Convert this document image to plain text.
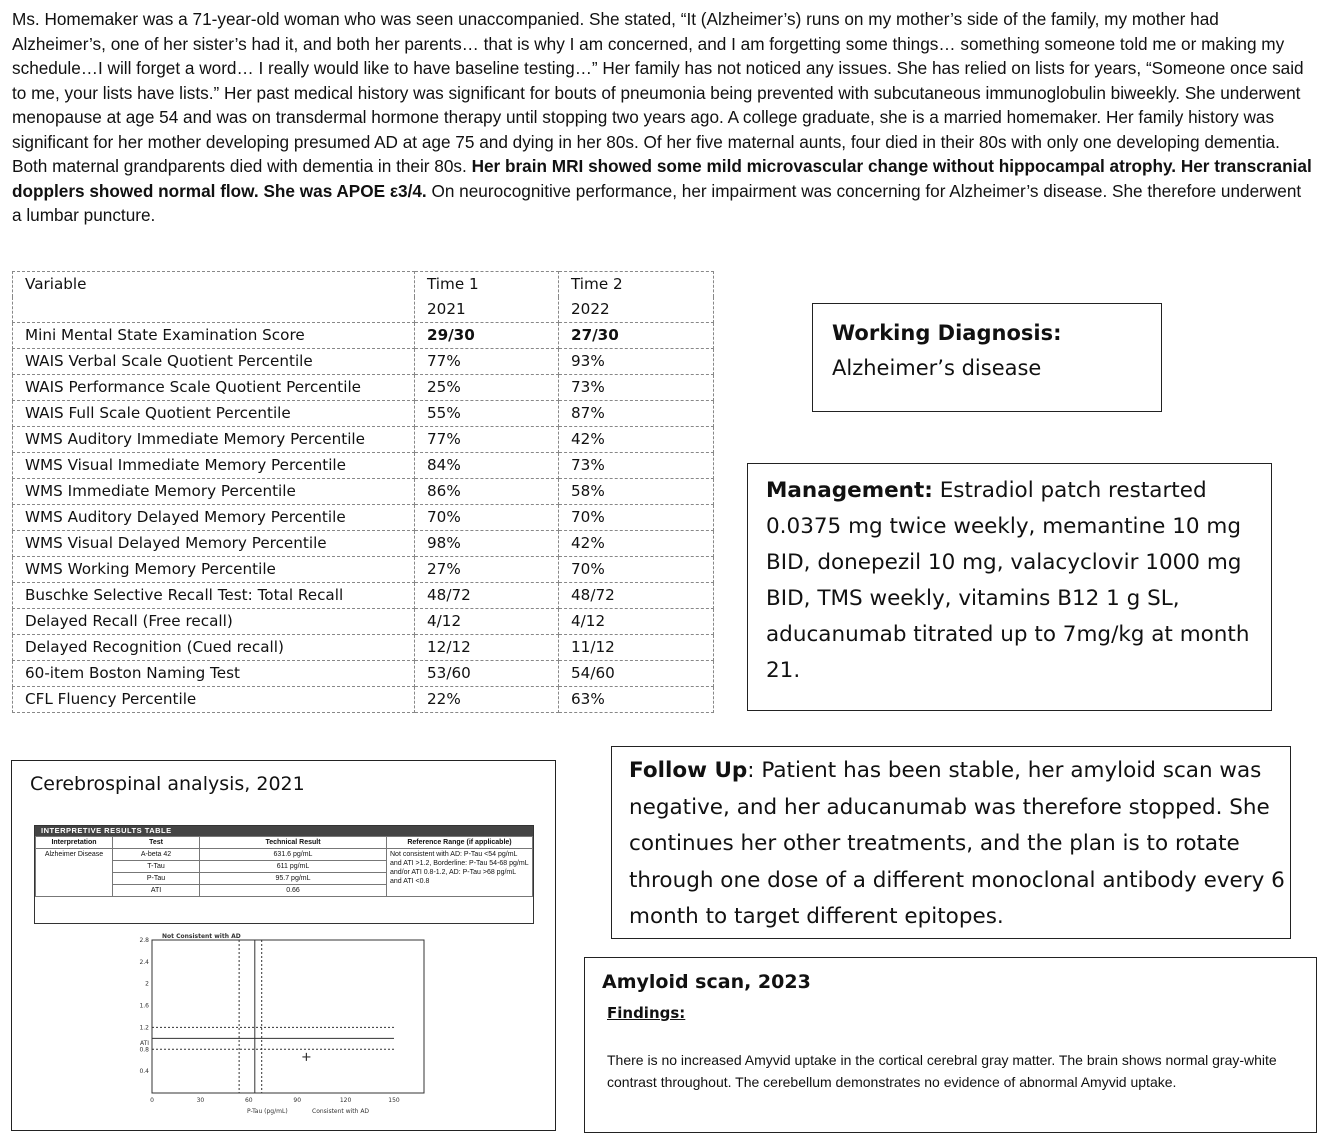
Ms. Homemaker was a 71-year-old woman who was seen unaccompanied. She stated, “It (Alzheimer’s) runs on my mother’s side of the family, my mother had Alzheimer’s, one of her sister’s had it, and both her parents… that is why I am concerned, and I am forgetting some things… something someone told me or making my schedule…I will forget a word… I really would like to have baseline testing…” Her family has not noticed any issues. She has relied on lists for years, “Someone once said to me, your lists have lists.” Her past medical history was significant for bouts of pneumonia being prevented with subcutaneous immunoglobulin biweekly. She underwent menopause at age 54 and was on transdermal hormone therapy until stopping two years ago. A college graduate, she is a married homemaker. Her family history was significant for her mother developing presumed AD at age 75 and dying in her 80s. Of her five maternal aunts, four died in their 80s with only one developing dementia. Both maternal grandparents died with dementia in their 80s. Her brain MRI showed some mild microvascular change without hippocampal atrophy. Her transcranial dopplers showed normal flow. She was APOE ε3/4. On neurocognitive performance, her impairment was concerning for Alzheimer’s disease. She therefore underwent a lumbar puncture.
Variable	Time 1	Time 2
	2021	2022
Mini Mental State Examination Score	29/30	27/30
WAIS Verbal Scale Quotient Percentile	77%	93%
WAIS Performance Scale Quotient Percentile	25%	73%
WAIS Full Scale Quotient Percentile	55%	87%
WMS Auditory Immediate Memory Percentile	77%	42%
WMS Visual Immediate Memory Percentile	84%	73%
WMS Immediate Memory Percentile	86%	58%
WMS Auditory Delayed Memory Percentile	70%	70%
WMS Visual Delayed Memory Percentile	98%	42%
WMS Working Memory Percentile	27%	70%
Buschke Selective Recall Test: Total Recall	48/72	48/72
Delayed Recall (Free recall)	4/12	4/12
Delayed Recognition (Cued recall)	12/12	11/12
60-item Boston Naming Test	53/60	54/60
CFL Fluency Percentile	22%	63%
Working Diagnosis:
Alzheimer’s disease
Management: Estradiol patch restarted 0.0375 mg twice weekly, memantine 10 mg BID, donepezil 10 mg, valacyclovir 1000 mg BID, TMS weekly, vitamins B12 1 g SL, aducanumab titrated up to 7mg/kg at month 21.
Follow Up: Patient has been stable, her amyloid scan was negative, and her aducanumab was therefore stopped. She continues her other treatments, and the plan is to rotate through one dose of a different monoclonal antibody every 6 month to target different epitopes.
Cerebrospinal analysis, 2021
INTERPRETIVE RESULTS TABLE
Interpretation	Test	Technical Result	Reference Range (if applicable)
Alzheimer Disease	A-beta 42	631.6 pg/mL	Not consistent with AD: P-Tau <54 pg/mL and ATI >1.2, Borderline: P-Tau 54-68 pg/mL and/or ATI 0.8-1.2, AD: P-Tau >68 pg/mL and ATI <0.8
	T-Tau	611 pg/mL	
	P-Tau	95.7 pg/mL	
	ATI	0.66	
Not Consistent with AD
ATI
P-Tau (pg/mL)	Consistent with AD
2.8
2.4
2
1.6
1.2
0.8
0.4
0	30	60	90	120	150
Amyloid scan, 2023
Findings:
There is no increased Amyvid uptake in the cortical cerebral gray matter. The brain shows normal gray-white contrast throughout. The cerebellum demonstrates no evidence of abnormal Amyvid uptake.
